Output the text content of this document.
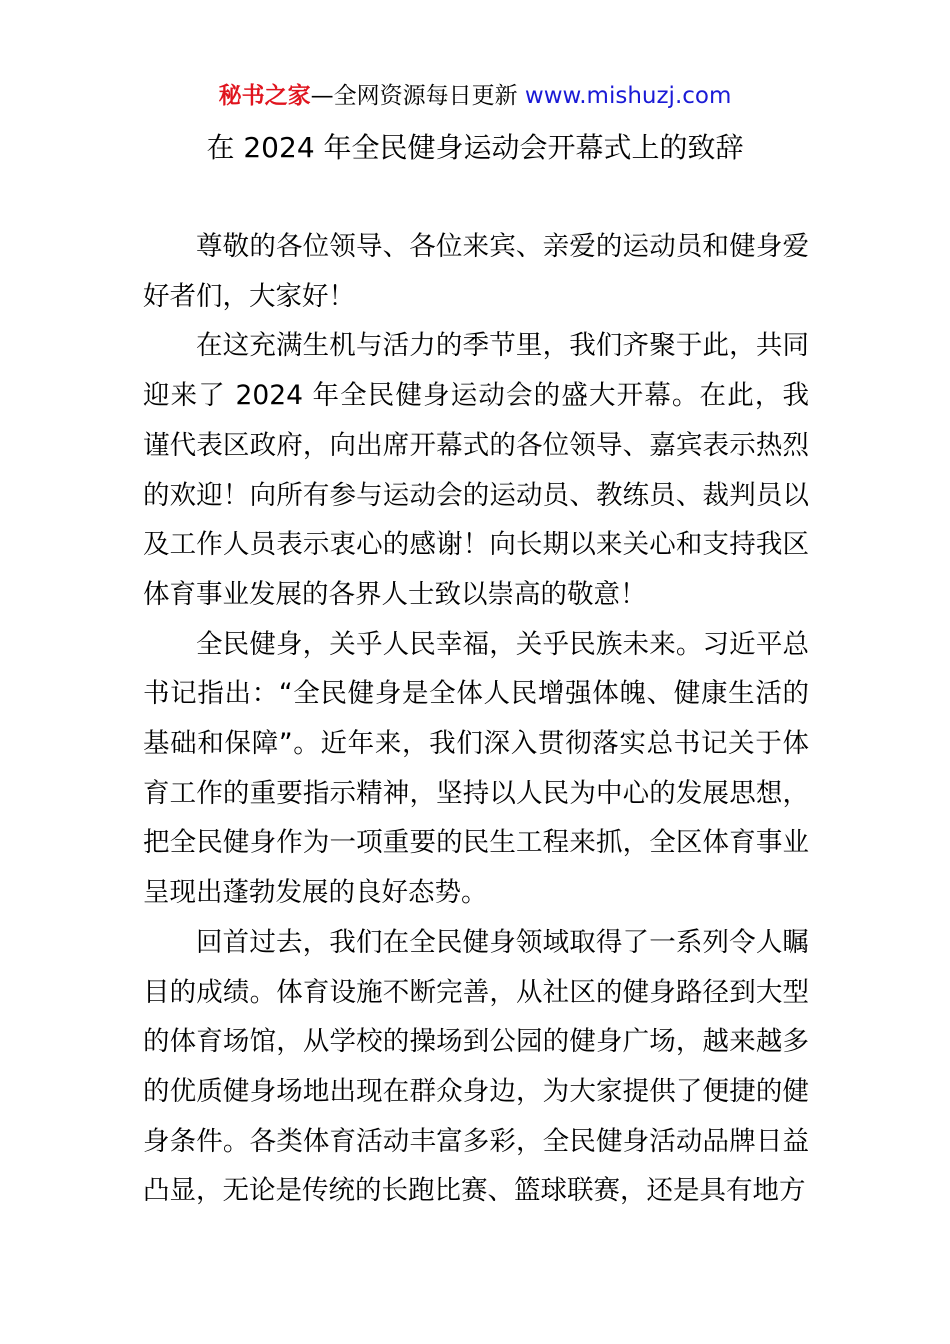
秘书之家—全网资源每日更新 www.mishuzj.com
在 2024 年全民健身运动会开幕式上的致辞

尊敬的各位领导、各位来宾、亲爱的运动员和健身爱好者们，大家好！

在这充满生机与活力的季节里，我们齐聚于此，共同迎来了 2024 年全民健身运动会的盛大开幕。在此，我谨代表区政府，向出席开幕式的各位领导、嘉宾表示热烈的欢迎！向所有参与运动会的运动员、教练员、裁判员以及工作人员表示衷心的感谢！向长期以来关心和支持我区体育事业发展的各界人士致以崇高的敬意！

全民健身，关乎人民幸福，关乎民族未来。习近平总书记指出：“全民健身是全体人民增强体魄、健康生活的基础和保障”。近年来，我们深入贯彻落实总书记关于体育工作的重要指示精神，坚持以人民为中心的发展思想，把全民健身作为一项重要的民生工程来抓，全区体育事业呈现出蓬勃发展的良好态势。

回首过去，我们在全民健身领域取得了一系列令人瞩目的成绩。体育设施不断完善，从社区的健身路径到大型的体育场馆，从学校的操场到公园的健身广场，越来越多的优质健身场地出现在群众身边，为大家提供了便捷的健身条件。各类体育活动丰富多彩，全民健身活动品牌日益凸显，无论是传统的长跑比赛、篮球联赛，还是具有地方
